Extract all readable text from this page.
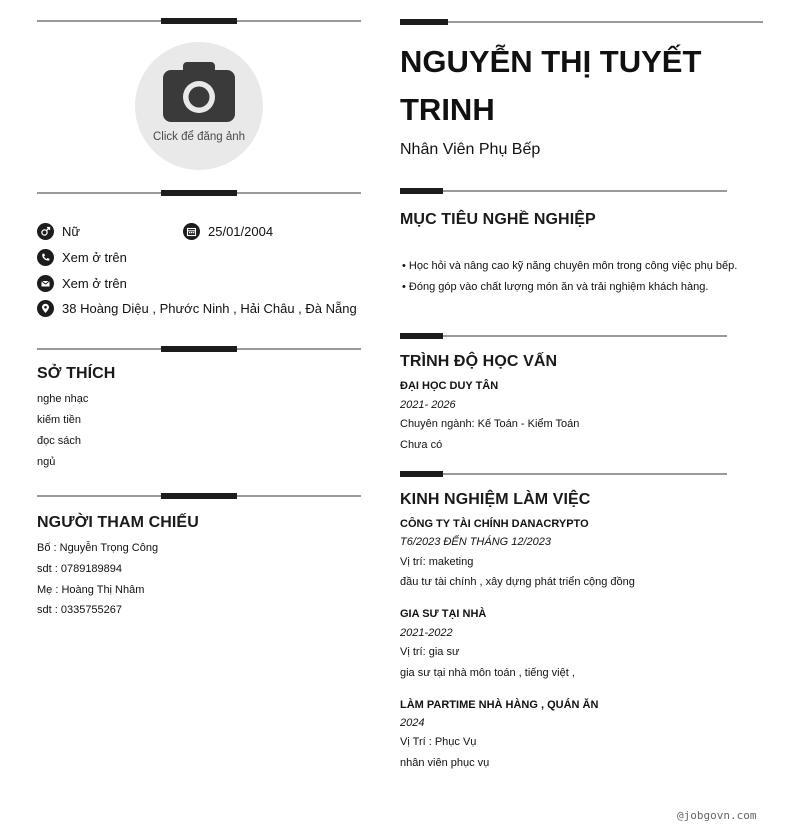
Click để đăng ảnh
Nữ	25/01/2004
Xem ở trên
Xem ở trên
38 Hoàng Diệu , Phước Ninh , Hải Châu , Đà Nẵng
SỞ THÍCH
nghe nhạc
kiếm tiền
đọc sách
ngủ
NGƯỜI THAM CHIẾU
Bố : Nguyễn Trọng Công
sdt : 0789189894
Mẹ : Hoàng Thị Nhâm
sdt : 0335755267
NGUYỄN THỊ TUYẾT TRINH
Nhân Viên Phụ Bếp
MỤC TIÊU NGHỀ NGHIỆP
• Học hỏi và nâng cao kỹ năng chuyên môn trong công việc phụ bếp.
• Đóng góp vào chất lượng món ăn và trải nghiệm khách hàng.
TRÌNH ĐỘ HỌC VẤN
ĐẠI HỌC DUY TÂN
2021- 2026
Chuyên ngành: Kế Toán - Kiểm Toán
Chưa có
KINH NGHIỆM LÀM VIỆC
CÔNG TY TÀI CHÍNH DANACRYPTO
T6/2023 ĐẾN THÁNG 12/2023
Vị trí: maketing
đầu tư tài chính , xây dựng phát triển cộng đồng
GIA SƯ TẠI NHÀ
2021-2022
Vị trí: gia sư
gia sư tại nhà môn toán , tiếng việt ,
LÀM PARTIME NHÀ HÀNG , QUÁN ĂN
2024
Vị Trí : Phục Vụ
nhân viên phục vụ
@jobgovn.com
